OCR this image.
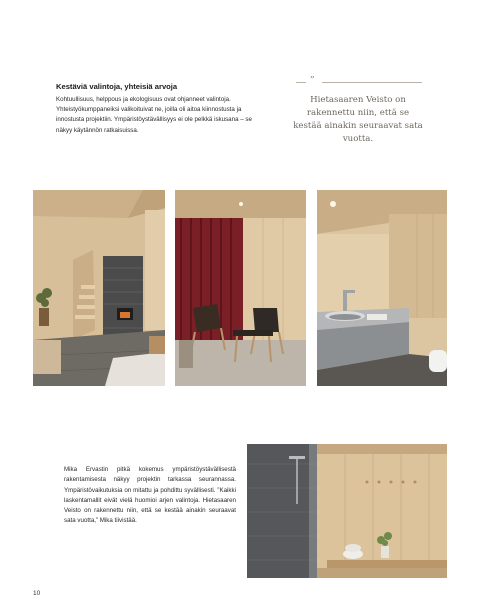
Kestäviä valintoja, yhteisiä arvoja

Kohtuullisuus, helppous ja ekologisuus ovat ohjanneet valintoja. Yhteistyökumppaneiksi valikoituivat ne, joilla oli aitoa kiinnostusta ja innostusta projektiin. Ympäristöystävällisyys ei ole pelkkä iskusana – se näkyy käytännön ratkaisuissa.

”
Hietasaaren Veisto on rakennettu niin, että se kestää ainakin seuraavat sata vuotta.

Mika Ervastin pitkä kokemus ympäristöystävällisestä rakentamisesta näkyy projektin tarkassa seurannassa. Ympäristövaikutuksia on mitattu ja pohdittu syvällisesti. ”Kaikki laskentamallit eivät vielä huomioi arjen valintoja. Hietasaaren Veisto on rakennettu niin, että se kestää ainakin seuraavat sata vuotta,” Mika tiivistää.

10
